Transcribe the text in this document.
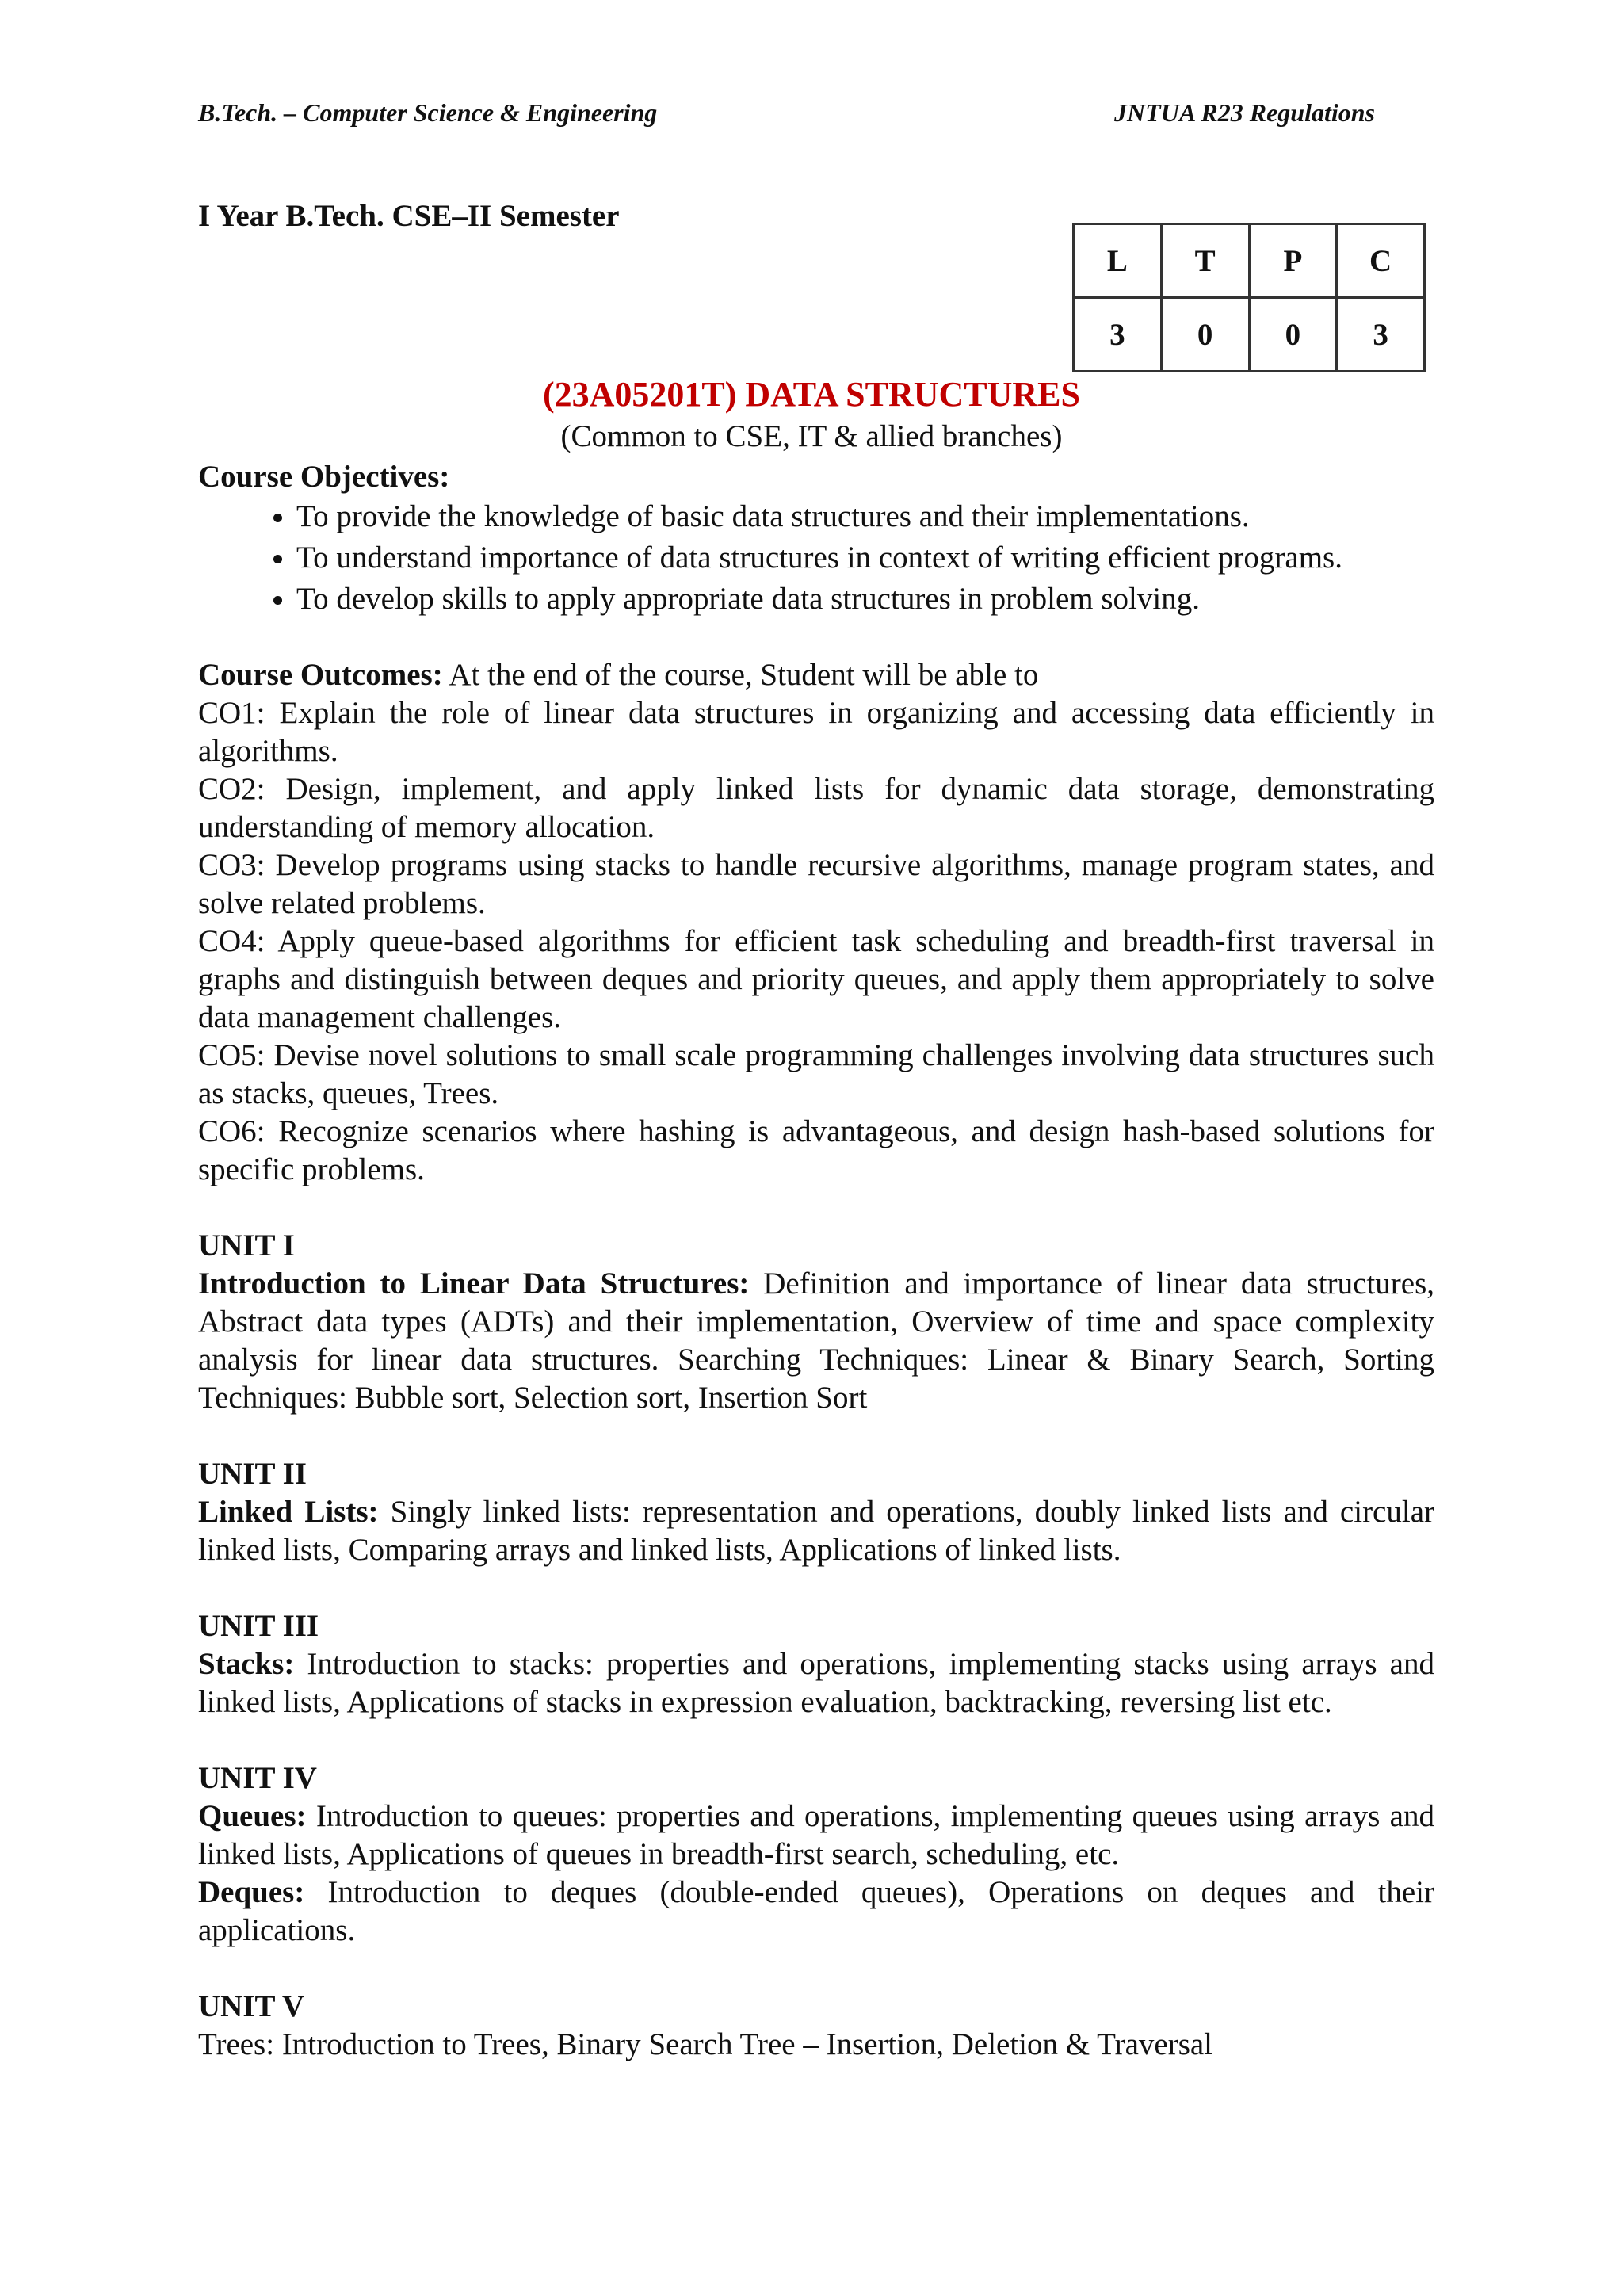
B.Tech. – Computer Science & Engineering	JNTUA R23 Regulations
I Year B.Tech. CSE–II Semester
L	T	P	C
3	0	0	3
(23A05201T) DATA STRUCTURES
(Common to CSE, IT & allied branches)

Course Objectives:

• To provide the knowledge of basic data structures and their implementations.
• To understand importance of data structures in context of writing efficient programs.
• To develop skills to apply appropriate data structures in problem solving.

Course Outcomes: At the end of the course, Student will be able to

CO1: Explain the role of linear data structures in organizing and accessing data efficiently in algorithms.

CO2: Design, implement, and apply linked lists for dynamic data storage, demonstrating understanding of memory allocation.

CO3: Develop programs using stacks to handle recursive algorithms, manage program states, and solve related problems.

CO4: Apply queue-based algorithms for efficient task scheduling and breadth-first traversal in graphs and distinguish between deques and priority queues, and apply them appropriately to solve data management challenges.

CO5: Devise novel solutions to small scale programming challenges involving data structures such as stacks, queues, Trees.

CO6: Recognize scenarios where hashing is advantageous, and design hash-based solutions for specific problems.

UNIT I

Introduction to Linear Data Structures: Definition and importance of linear data structures, Abstract data types (ADTs) and their implementation, Overview of time and space complexity analysis for linear data structures. Searching Techniques: Linear & Binary Search, Sorting Techniques: Bubble sort, Selection sort, Insertion Sort

UNIT II

Linked Lists: Singly linked lists: representation and operations, doubly linked lists and circular linked lists, Comparing arrays and linked lists, Applications of linked lists.

UNIT III

Stacks: Introduction to stacks: properties and operations, implementing stacks using arrays and linked lists, Applications of stacks in expression evaluation, backtracking, reversing list etc.

UNIT IV

Queues: Introduction to queues: properties and operations, implementing queues using arrays and linked lists, Applications of queues in breadth-first search, scheduling, etc.

Deques: Introduction to deques (double-ended queues), Operations on deques and their applications.

UNIT V

Trees: Introduction to Trees, Binary Search Tree – Insertion, Deletion & Traversal
